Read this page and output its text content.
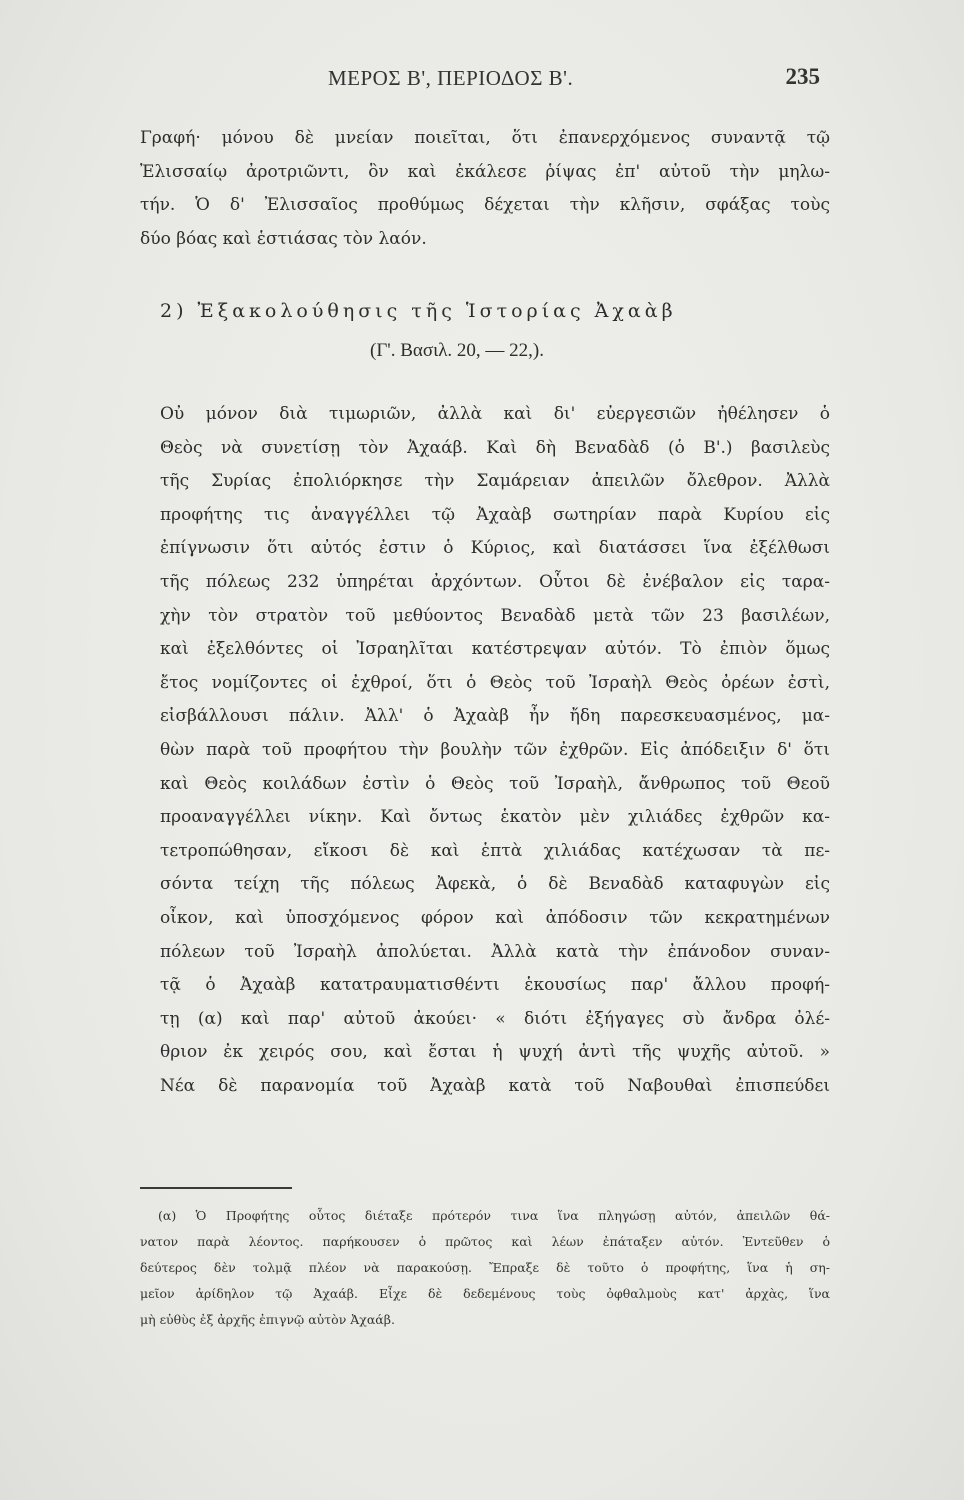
ΜΕΡΟΣ Β', ΠΕΡΙΟΔΟΣ Β'.	235

Γραφή· μόνου δὲ μνείαν ποιεῖται, ὅτι ἐπανερχόμενος συναντᾷ τῷ
Ἐλισσαίῳ ἀροτριῶντι, ὃν καὶ ἐκάλεσε ῥίψας ἐπ' αὐτοῦ τὴν μηλω-
τήν. Ὁ δ' Ἐλισσαῖος προθύμως δέχεται τὴν κλῆσιν, σφάξας τοὺς
δύο βόας καὶ ἑστιάσας τὸν λαόν.

2) Ἐξακολούθησις τῆς Ἱστορίας Ἀχαὰβ
(Γ'. Βασιλ. 20, — 22,).

Οὐ μόνον διὰ τιμωριῶν, ἀλλὰ καὶ δι' εὐεργεσιῶν ἠθέλησεν ὁ
Θεὸς νὰ συνετίσῃ τὸν Ἀχαάβ. Καὶ δὴ Βεναδὰδ (ὁ Β'.) βασιλεὺς
τῆς Συρίας ἐπολιόρκησε τὴν Σαμάρειαν ἀπειλῶν ὄλεθρον. Ἀλλὰ
προφήτης τις ἀναγγέλλει τῷ Ἀχαὰβ σωτηρίαν παρὰ Κυρίου εἰς
ἐπίγνωσιν ὅτι αὐτός ἐστιν ὁ Κύριος, καὶ διατάσσει ἵνα ἐξέλθωσι
τῆς πόλεως 232 ὑπηρέται ἀρχόντων. Οὗτοι δὲ ἐνέβαλον εἰς ταρα-
χὴν τὸν στρατὸν τοῦ μεθύοντος Βεναδὰδ μετὰ τῶν 23 βασιλέων,
καὶ ἐξελθόντες οἱ Ἰσραηλῖται κατέστρεψαν αὐτόν. Τὸ ἐπιὸν ὅμως
ἔτος νομίζοντες οἱ ἐχθροί, ὅτι ὁ Θεὸς τοῦ Ἰσραὴλ Θεὸς ὀρέων ἐστὶ,
εἰσβάλλουσι πάλιν. Ἀλλ' ὁ Ἀχαὰβ ἦν ἤδη παρεσκευασμένος, μα-
θὼν παρὰ τοῦ προφήτου τὴν βουλὴν τῶν ἐχθρῶν. Εἰς ἀπόδειξιν δ' ὅτι
καὶ Θεὸς κοιλάδων ἐστὶν ὁ Θεὸς τοῦ Ἰσραὴλ, ἄνθρωπος τοῦ Θεοῦ
προαναγγέλλει νίκην. Καὶ ὄντως ἑκατὸν μὲν χιλιάδες ἐχθρῶν κα-
τετροπώθησαν, εἴκοσι δὲ καὶ ἑπτὰ χιλιάδας κατέχωσαν τὰ πε-
σόντα τείχη τῆς πόλεως Ἀφεκὰ, ὁ δὲ Βεναδὰδ καταφυγὼν εἰς
οἶκον, καὶ ὑποσχόμενος φόρον καὶ ἀπόδοσιν τῶν κεκρατημένων
πόλεων τοῦ Ἰσραὴλ ἀπολύεται. Ἀλλὰ κατὰ τὴν ἐπάνοδον συναν-
τᾷ ὁ Ἀχαὰβ κατατραυματισθέντι ἑκουσίως παρ' ἄλλου προφή-
τῃ (α) καὶ παρ' αὐτοῦ ἀκούει· « διότι ἐξήγαγες σὺ ἄνδρα ὀλέ-
θριον ἐκ χειρός σου, καὶ ἔσται ἡ ψυχή ἀντὶ τῆς ψυχῆς αὐτοῦ. »
Νέα δὲ παρανομία τοῦ Ἀχαὰβ κατὰ τοῦ Ναβουθαὶ ἐπισπεύδει

(α) Ὁ Προφήτης οὗτος διέταξε πρότερόν τινα ἵνα πληγώσῃ αὐτόν, ἀπειλῶν θά-
νατον παρὰ λέοντος. παρήκουσεν ὁ πρῶτος καὶ λέων ἐπάταξεν αὐτόν. Ἐντεῦθεν ὁ
δεύτερος δὲν τολμᾷ πλέον νὰ παρακούσῃ. Ἔπραξε δὲ τοῦτο ὁ προφήτης, ἵνα ἡ ση-
μεῖον ἀρίδηλον τῷ Ἀχαάβ. Εἶχε δὲ δεδεμένους τοὺς ὀφθαλμοὺς κατ' ἀρχὰς, ἵνα
μὴ εὐθὺς ἐξ ἀρχῆς ἐπιγνῷ αὐτὸν Ἀχαάβ.
